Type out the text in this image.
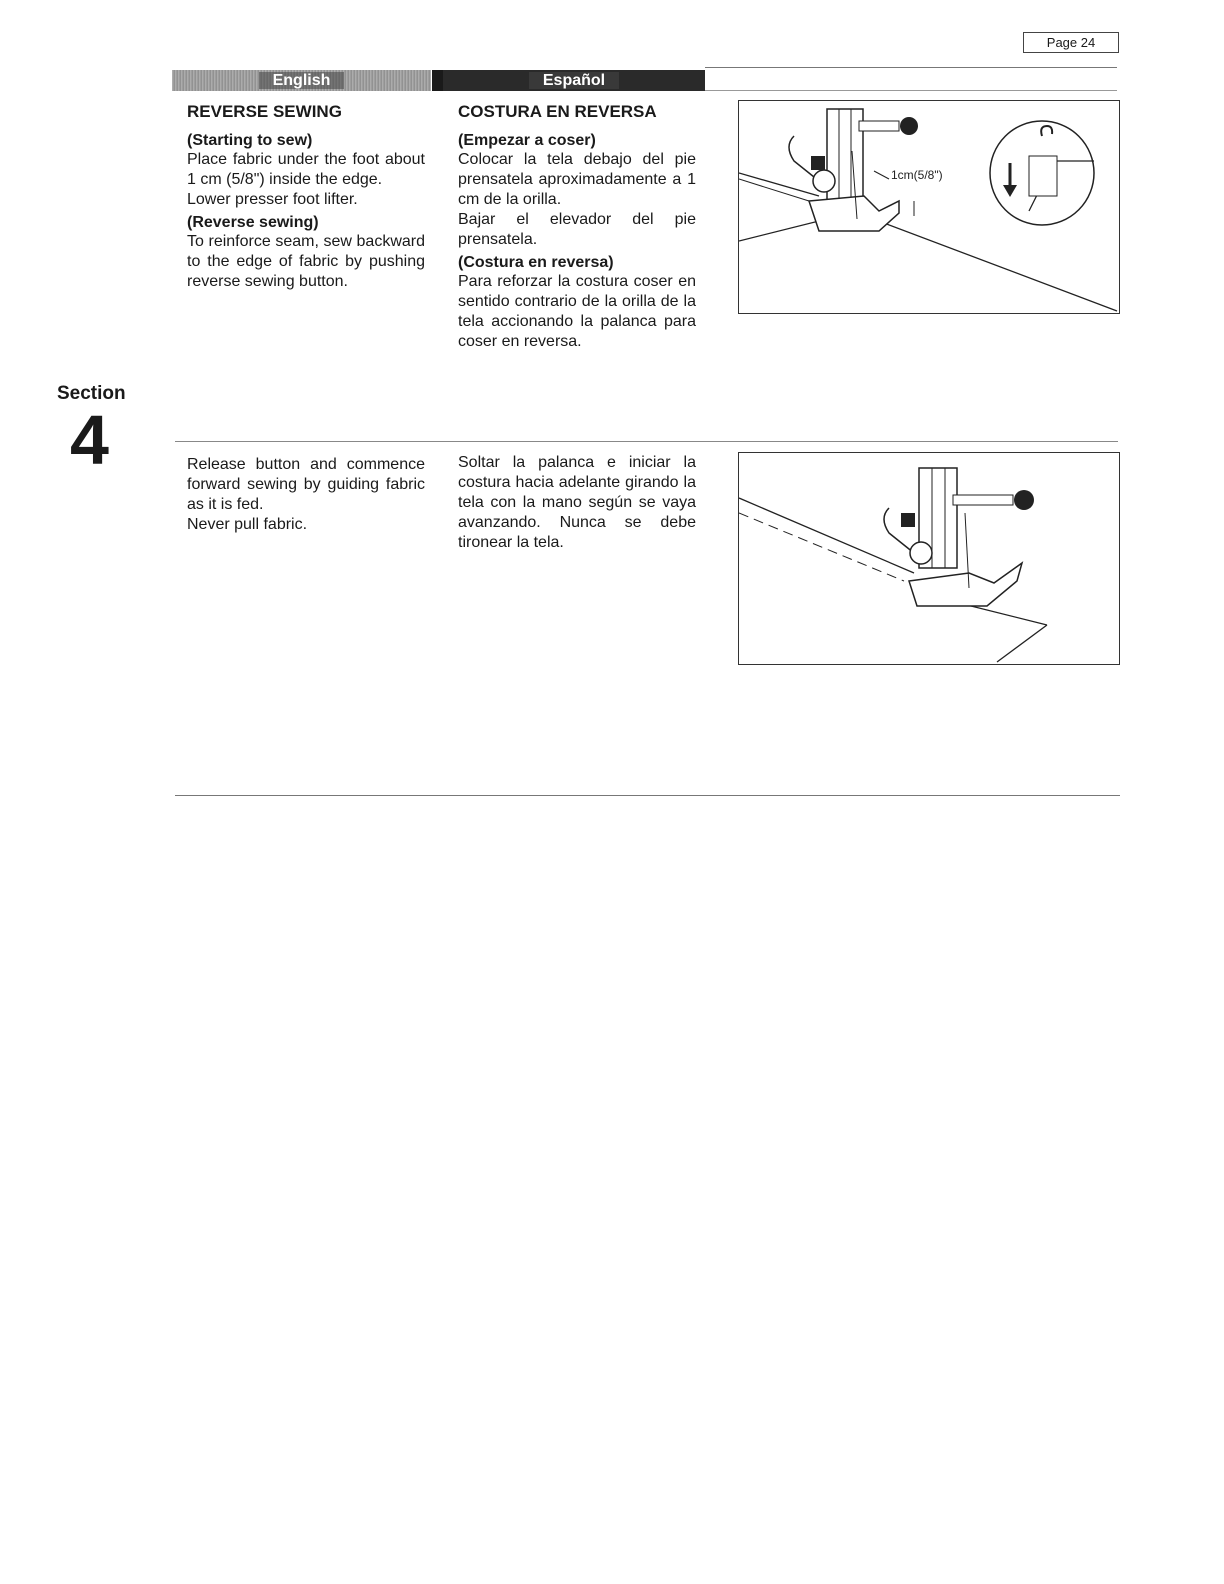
Page 24
English	Español
REVERSE SEWING
(Starting to sew)
Place fabric under the foot about 1 cm (5/8") inside the edge.
Lower presser foot lifter.
(Reverse sewing)
To reinforce seam, sew backward to the edge of fabric by pushing reverse sewing button.
COSTURA EN REVERSA
(Empezar a coser)
Colocar la tela debajo del pie prensatela aproximadamente a 1 cm de la orilla.
Bajar el elevador del pie prensatela.
(Costura en reversa)
Para reforzar la costura coser en sentido contrario de la orilla de la tela accionando la palanca para coser en reversa.
1cm(5/8")
Section
4	Release button and commence forward sewing by guiding fabric as it is fed.
Never pull fabric.
Soltar la palanca e iniciar la costura hacia adelante girando la tela con la mano según se vaya avanzando. Nunca se debe tironear la tela.
